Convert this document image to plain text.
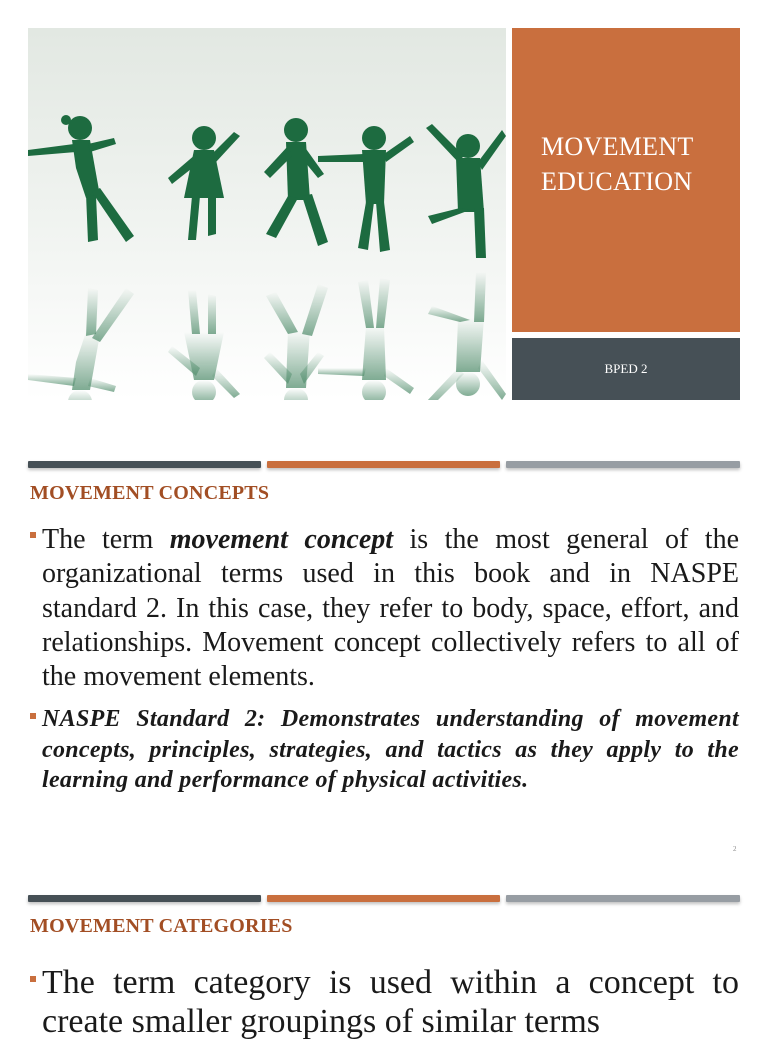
MOVEMENT
EDUCATION
BPED 2
MOVEMENT CONCEPTS
The term movement concept is the most general of the organizational terms used in this book and in NASPE standard 2. In this case, they refer to body, space, effort, and relationships. Movement concept collectively refers to all of the movement elements.
NASPE Standard 2: Demonstrates understanding of movement concepts, principles, strategies, and tactics as they apply to the learning and performance of physical activities.
2
MOVEMENT CATEGORIES
The term category is used within a concept to create smaller groupings of similar terms
